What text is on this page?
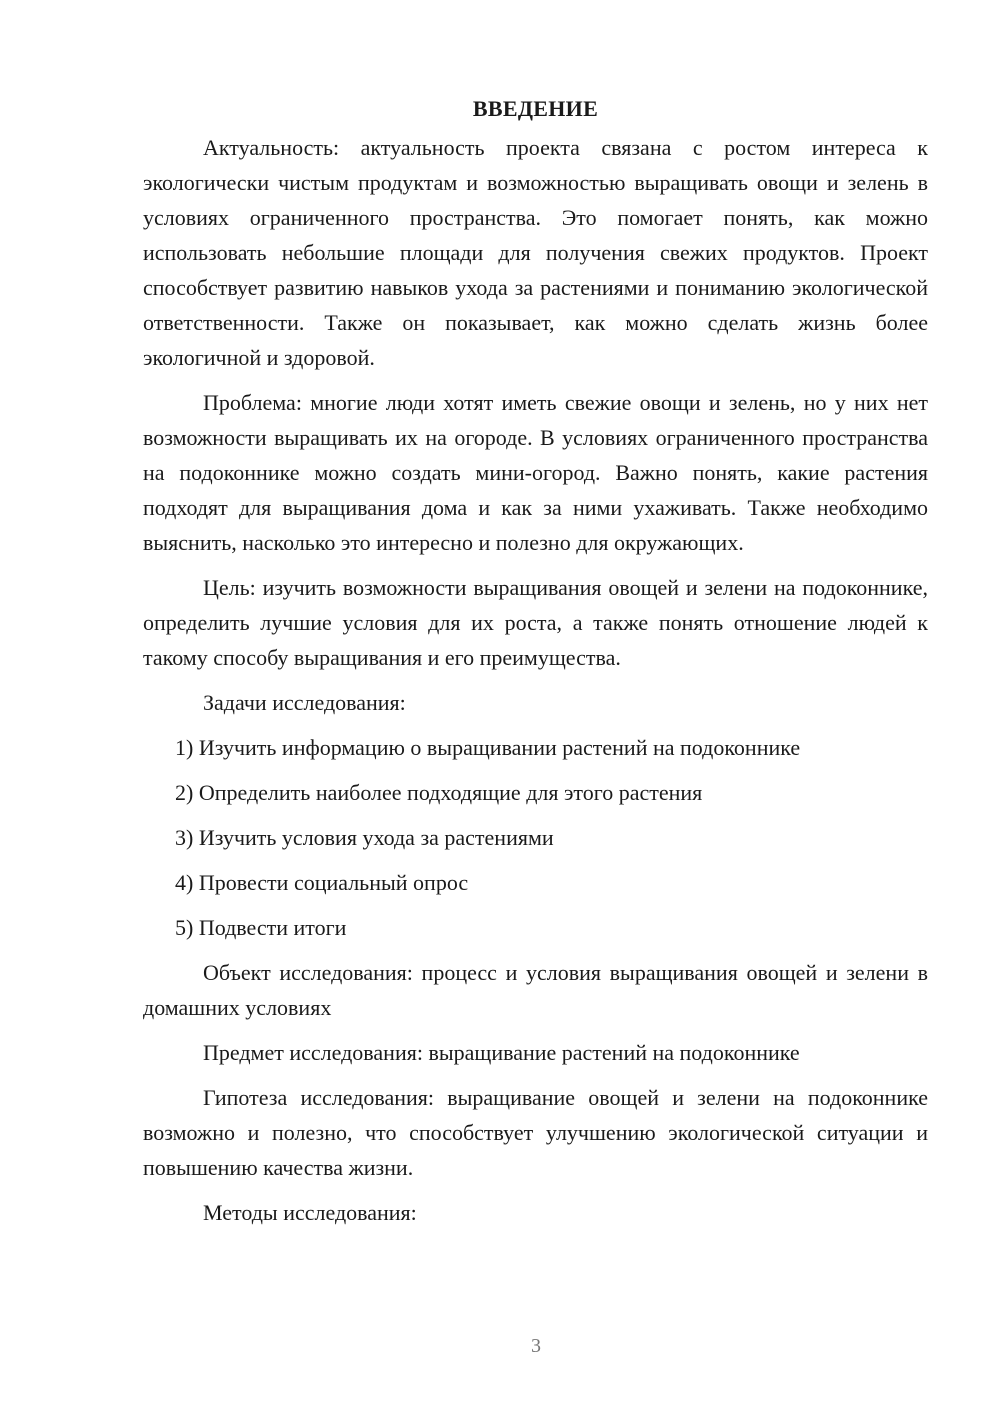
ВВЕДЕНИЕ

Актуальность: актуальность проекта связана с ростом интереса к экологически чистым продуктам и возможностью выращивать овощи и зелень в условиях ограниченного пространства. Это помогает понять, как можно использовать небольшие площади для получения свежих продуктов. Проект способствует развитию навыков ухода за растениями и пониманию экологической ответственности. Также он показывает, как можно сделать жизнь более экологичной и здоровой.

Проблема: многие люди хотят иметь свежие овощи и зелень, но у них нет возможности выращивать их на огороде. В условиях ограниченного пространства на подоконнике можно создать мини-огород. Важно понять, какие растения подходят для выращивания дома и как за ними ухаживать. Также необходимо выяснить, насколько это интересно и полезно для окружающих.

Цель: изучить возможности выращивания овощей и зелени на подоконнике, определить лучшие условия для их роста, а также понять отношение людей к такому способу выращивания и его преимущества.

Задачи исследования:

1) Изучить информацию о выращивании растений на подоконнике
2) Определить наиболее подходящие для этого растения
3) Изучить условия ухода за растениями
4) Провести социальный опрос
5) Подвести итоги

Объект исследования: процесс и условия выращивания овощей и зелени в домашних условиях

Предмет исследования: выращивание растений на подоконнике

Гипотеза исследования: выращивание овощей и зелени на подоконнике возможно и полезно, что способствует улучшению экологической ситуации и повышению качества жизни.

Методы исследования:

3
